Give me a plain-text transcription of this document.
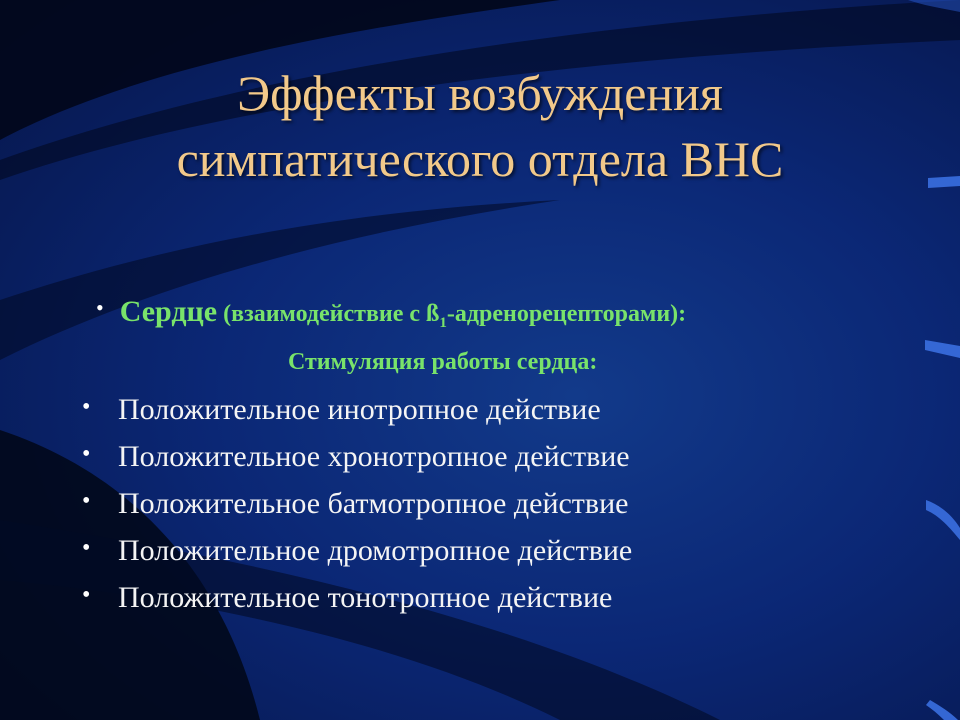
Эффекты возбуждения
симпатического отдела ВНС
• Сердце (взаимодействие с $ß_1-адренорецепторами$):
Стимуляция работы сердца:
• Положительное инотропное действие
• Положительное хронотропное действие
• Положительное батмотропное действие
• Положительное дромотропное действие
• Положительное тонотропное действие
